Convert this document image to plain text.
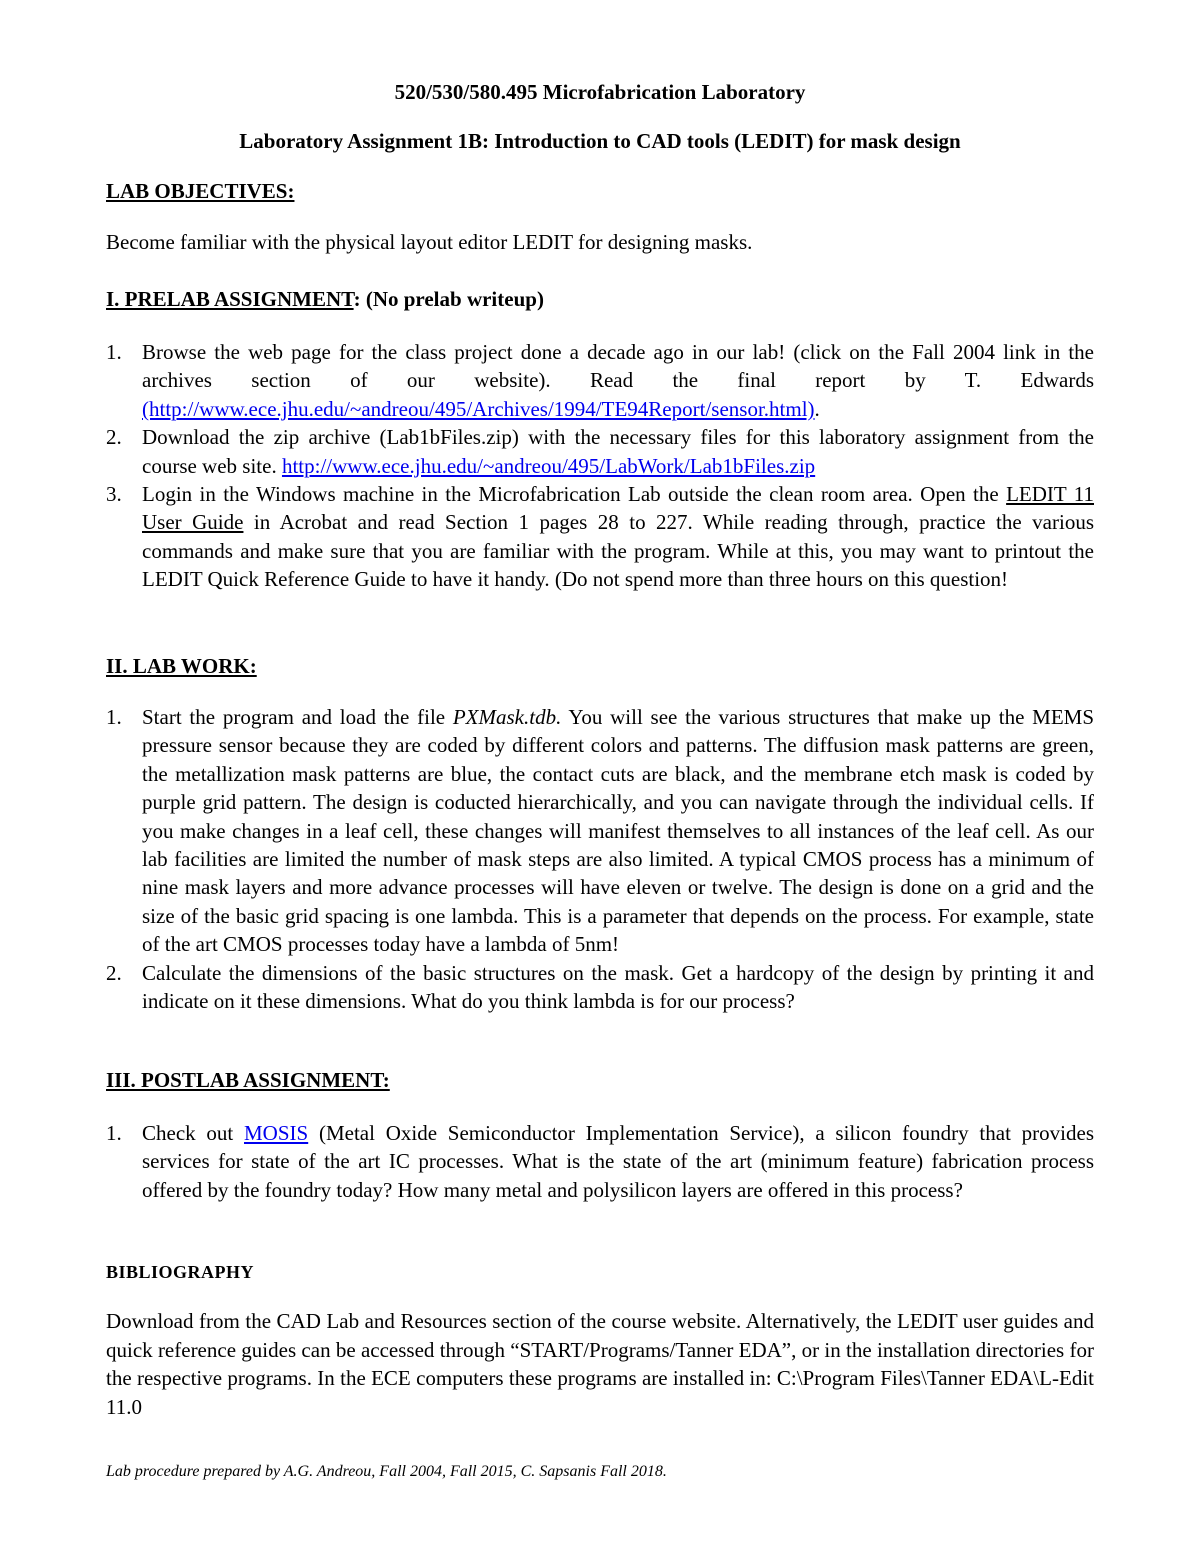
520/530/580.495 Microfabrication Laboratory
Laboratory Assignment 1B: Introduction to CAD tools (LEDIT) for mask design
LAB OBJECTIVES:
Become familiar with the physical layout editor LEDIT for designing masks.
I. PRELAB ASSIGNMENT: (No prelab writeup)
1. Browse the web page for the class project done a decade ago in our lab! (click on the Fall 2004 link in the archives section of our website). Read the final report by T. Edwards (http://www.ece.jhu.edu/~andreou/495/Archives/1994/TE94Report/sensor.html).
2. Download the zip archive (Lab1bFiles.zip) with the necessary files for this laboratory assignment from the course web site. http://www.ece.jhu.edu/~andreou/495/LabWork/Lab1bFiles.zip
3. Login in the Windows machine in the Microfabrication Lab outside the clean room area. Open the LEDIT 11 User Guide in Acrobat and read Section 1 pages 28 to 227. While reading through, practice the various commands and make sure that you are familiar with the program. While at this, you may want to printout the LEDIT Quick Reference Guide to have it handy. (Do not spend more than three hours on this question!
II. LAB WORK:
1. Start the program and load the file PXMask.tdb. You will see the various structures that make up the MEMS pressure sensor because they are coded by different colors and patterns. The diffusion mask patterns are green, the metallization mask patterns are blue, the contact cuts are black, and the membrane etch mask is coded by purple grid pattern. The design is coducted hierarchically, and you can navigate through the individual cells. If you make changes in a leaf cell, these changes will manifest themselves to all instances of the leaf cell. As our lab facilities are limited the number of mask steps are also limited. A typical CMOS process has a minimum of nine mask layers and more advance processes will have eleven or twelve. The design is done on a grid and the size of the basic grid spacing is one lambda. This is a parameter that depends on the process. For example, state of the art CMOS processes today have a lambda of 5nm!
2. Calculate the dimensions of the basic structures on the mask. Get a hardcopy of the design by printing it and indicate on it these dimensions. What do you think lambda is for our process?
III. POSTLAB ASSIGNMENT:
1. Check out MOSIS (Metal Oxide Semiconductor Implementation Service), a silicon foundry that provides services for state of the art IC processes. What is the state of the art (minimum feature) fabrication process offered by the foundry today? How many metal and polysilicon layers are offered in this process?
BIBLIOGRAPHY
Download from the CAD Lab and Resources section of the course website. Alternatively, the LEDIT user guides and quick reference guides can be accessed through “START/Programs/Tanner EDA”, or in the installation directories for the respective programs. In the ECE computers these programs are installed in: C:\Program Files\Tanner EDA\L-Edit 11.0
Lab procedure prepared by A.G. Andreou, Fall 2004, Fall 2015, C. Sapsanis Fall 2018.
